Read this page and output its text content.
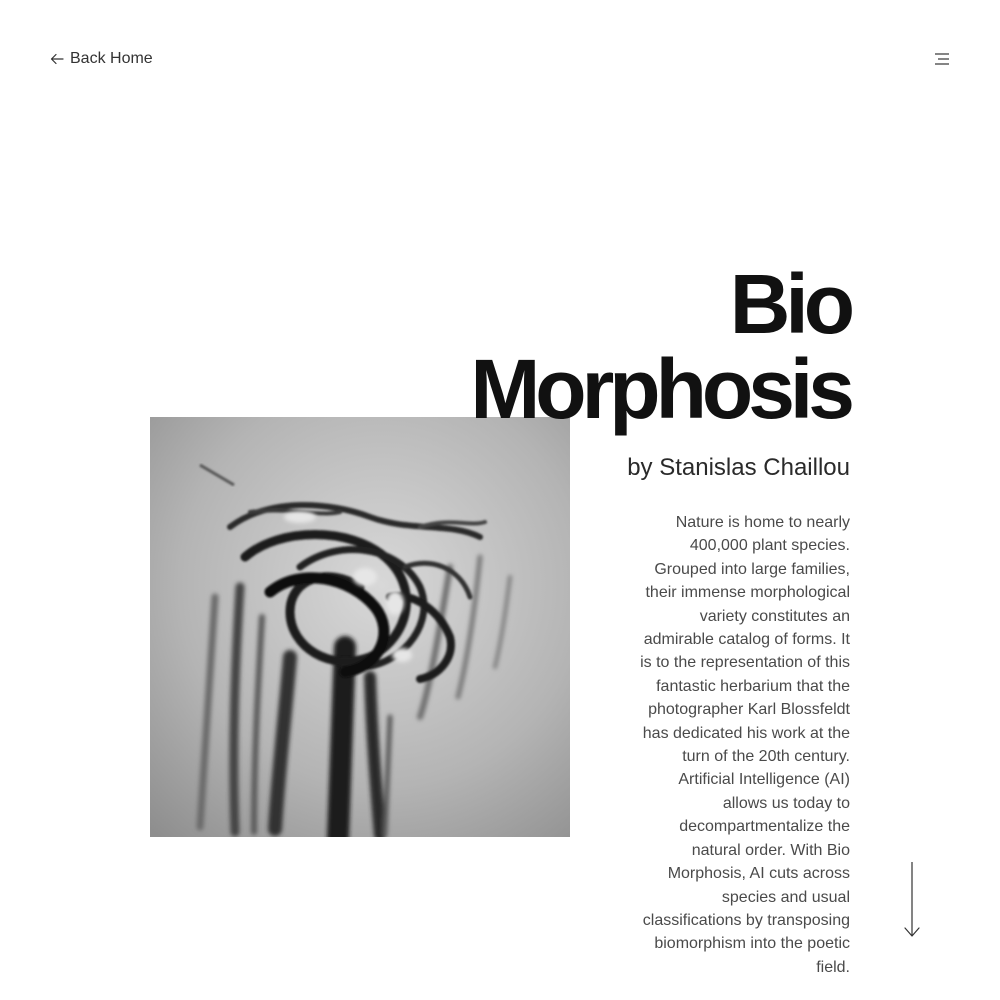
Back Home
Bio
Morphosis
by Stanislas Chaillou

Nature is home to nearly 400,000 plant species. Grouped into large families, their immense morphological variety constitutes an admirable catalog of forms. It is to the representation of this fantastic herbarium that the photographer Karl Blossfeldt has dedicated his work at the turn of the 20th century. Artificial Intelligence (AI) allows us today to decompartmentalize the natural order. With Bio Morphosis, AI cuts across species and usual classifications by transposing biomorphism into the poetic field.
